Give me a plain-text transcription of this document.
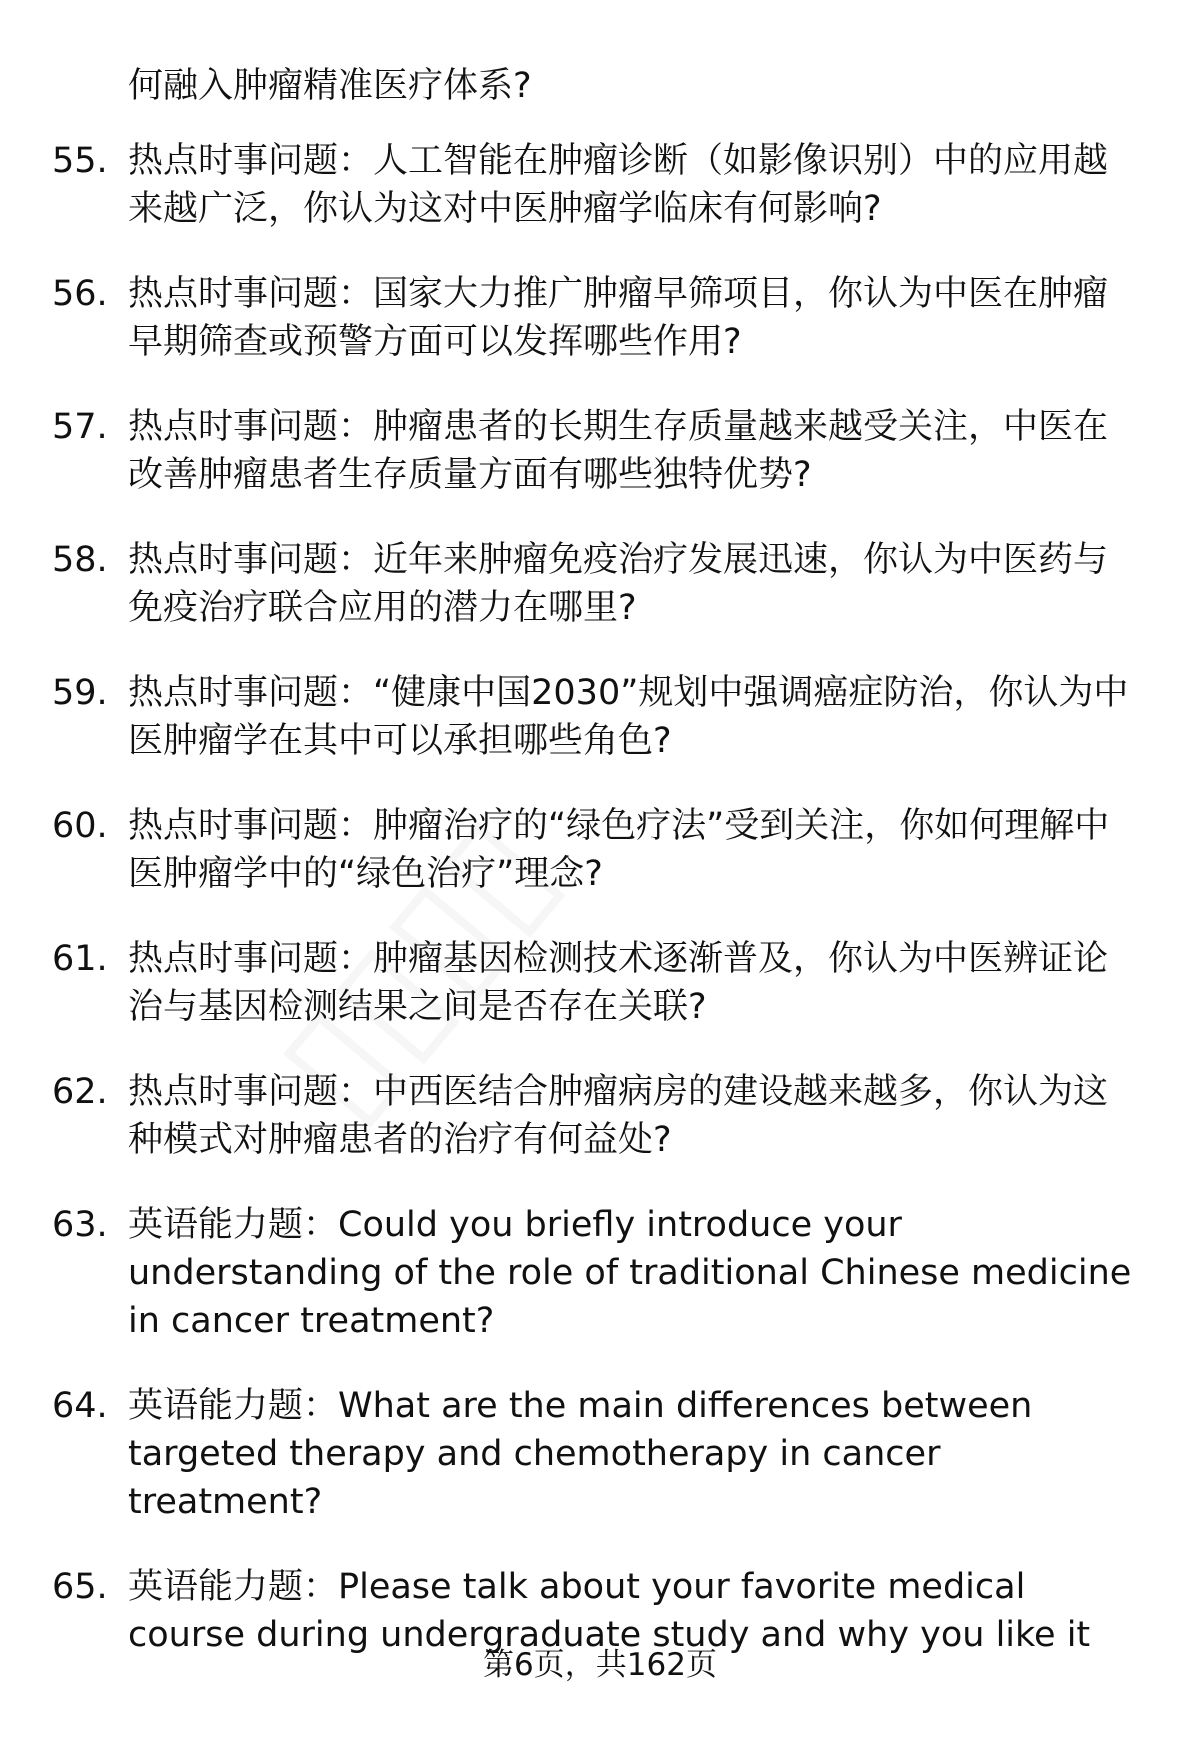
何融入肿瘤精准医疗体系?
55. 热点时事问题：人工智能在肿瘤诊断（如影像识别）中的应用越来越广泛，你认为这对中医肿瘤学临床有何影响?
56. 热点时事问题：国家大力推广肿瘤早筛项目，你认为中医在肿瘤早期筛查或预警方面可以发挥哪些作用?
57. 热点时事问题：肿瘤患者的长期生存质量越来越受关注，中医在改善肿瘤患者生存质量方面有哪些独特优势?
58. 热点时事问题：近年来肿瘤免疫治疗发展迅速，你认为中医药与免疫治疗联合应用的潜力在哪里?
59. 热点时事问题：“健康中国2030”规划中强调癌症防治，你认为中医肿瘤学在其中可以承担哪些角色?
60. 热点时事问题：肿瘤治疗的“绿色疗法”受到关注，你如何理解中医肿瘤学中的“绿色治疗”理念?
61. 热点时事问题：肿瘤基因检测技术逐渐普及，你认为中医辨证论治与基因检测结果之间是否存在关联?
62. 热点时事问题：中西医结合肿瘤病房的建设越来越多，你认为这种模式对肿瘤患者的治疗有何益处?
63. 英语能力题：Could you briefly introduce your understanding of the role of traditional Chinese medicine in cancer treatment?
64. 英语能力题：What are the main differences between targeted therapy and chemotherapy in cancer treatment?
65. 英语能力题：Please talk about your favorite medical course during undergraduate study and why you like it
第6页，共162页
